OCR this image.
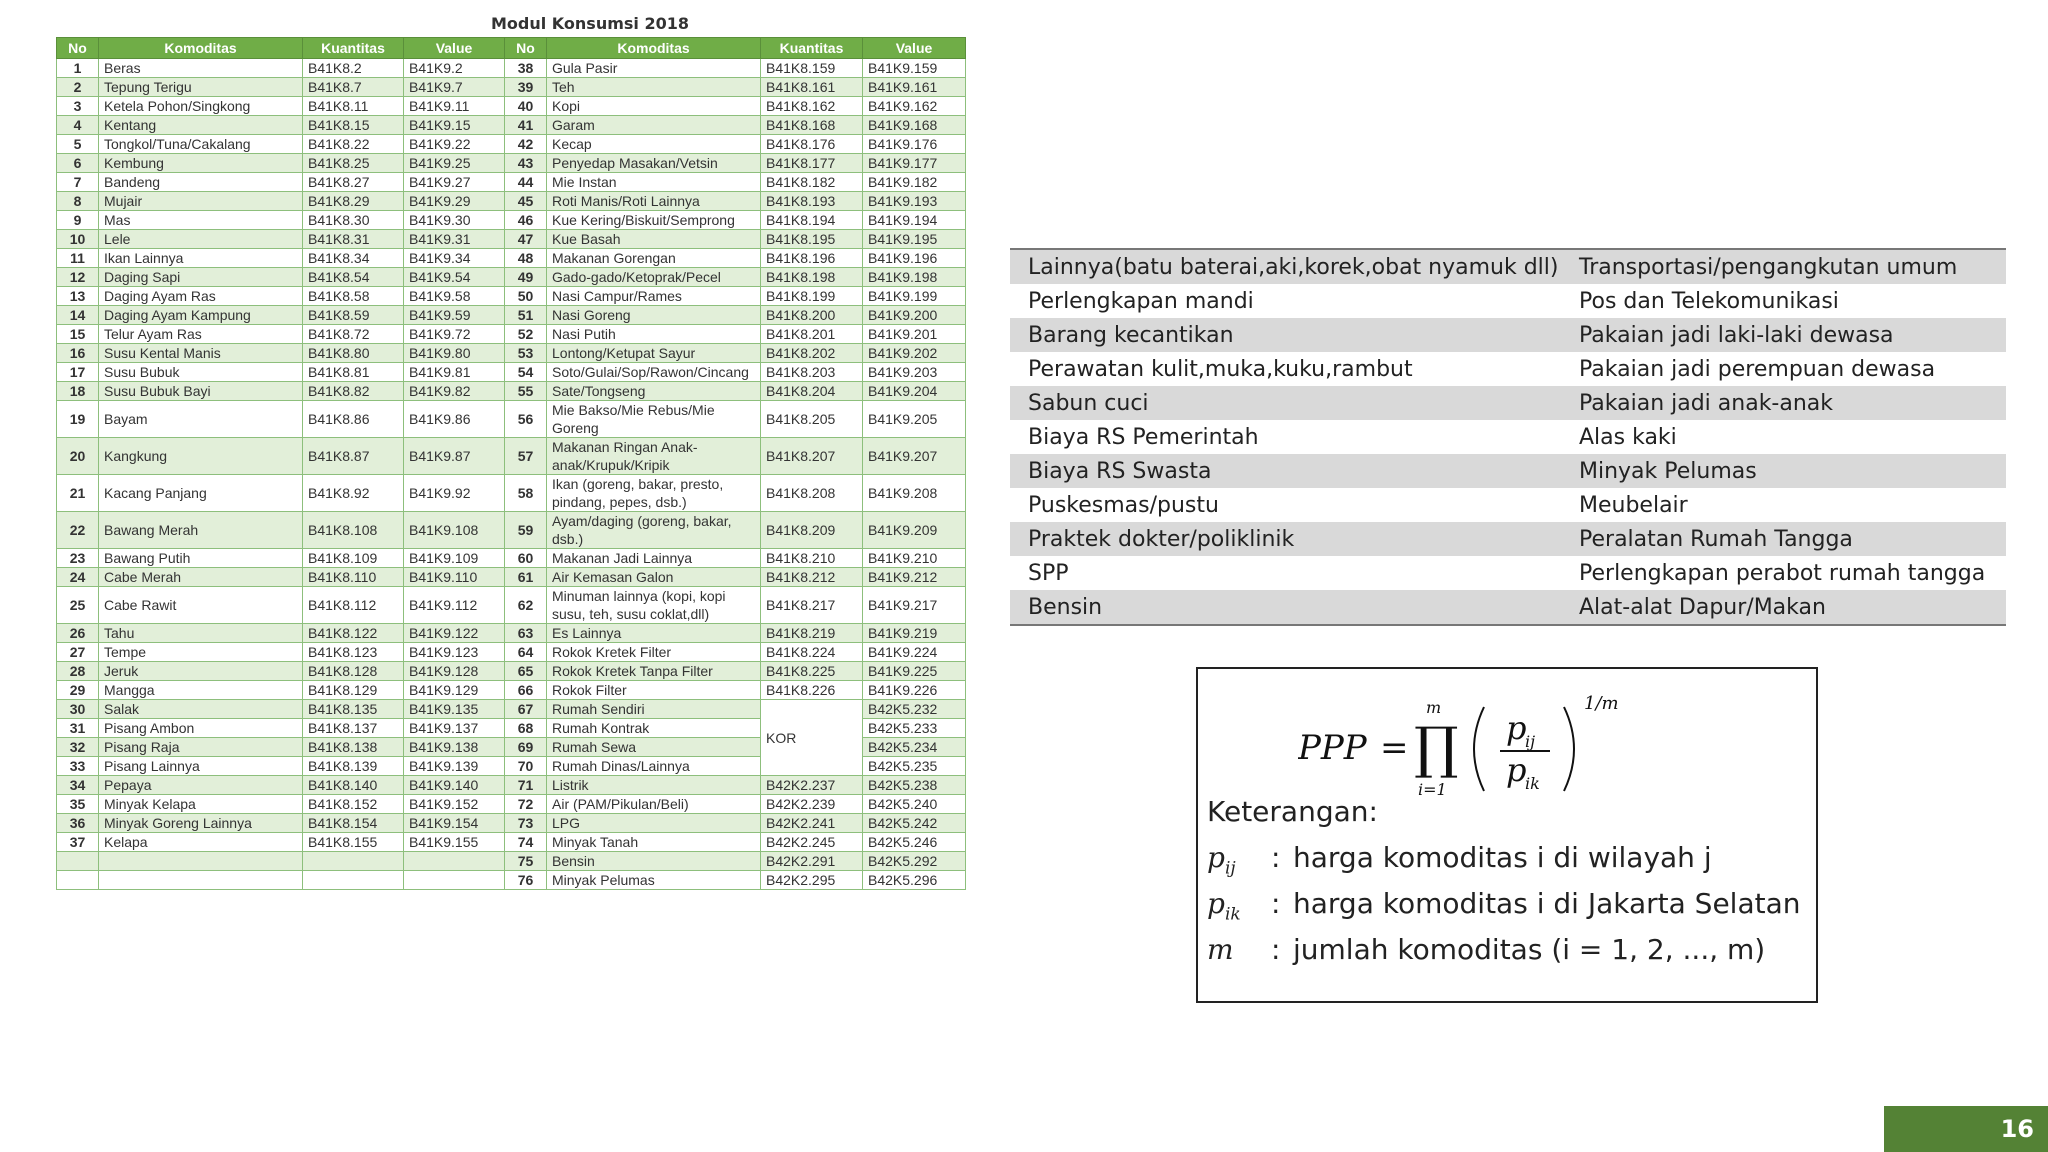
Modul Konsumsi 2018
No	Komoditas	Kuantitas	Value	No	Komoditas	Kuantitas	Value
1	Beras	B41K8.2	B41K9.2	38	Gula Pasir	B41K8.159	B41K9.159
2	Tepung Terigu	B41K8.7	B41K9.7	39	Teh	B41K8.161	B41K9.161
3	Ketela Pohon/Singkong	B41K8.11	B41K9.11	40	Kopi	B41K8.162	B41K9.162
4	Kentang	B41K8.15	B41K9.15	41	Garam	B41K8.168	B41K9.168
5	Tongkol/Tuna/Cakalang	B41K8.22	B41K9.22	42	Kecap	B41K8.176	B41K9.176
6	Kembung	B41K8.25	B41K9.25	43	Penyedap Masakan/Vetsin	B41K8.177	B41K9.177
7	Bandeng	B41K8.27	B41K9.27	44	Mie Instan	B41K8.182	B41K9.182
8	Mujair	B41K8.29	B41K9.29	45	Roti Manis/Roti Lainnya	B41K8.193	B41K9.193
9	Mas	B41K8.30	B41K9.30	46	Kue Kering/Biskuit/Semprong	B41K8.194	B41K9.194
10	Lele	B41K8.31	B41K9.31	47	Kue Basah	B41K8.195	B41K9.195
11	Ikan Lainnya	B41K8.34	B41K9.34	48	Makanan Gorengan	B41K8.196	B41K9.196
12	Daging Sapi	B41K8.54	B41K9.54	49	Gado-gado/Ketoprak/Pecel	B41K8.198	B41K9.198
13	Daging Ayam Ras	B41K8.58	B41K9.58	50	Nasi Campur/Rames	B41K8.199	B41K9.199
14	Daging Ayam Kampung	B41K8.59	B41K9.59	51	Nasi Goreng	B41K8.200	B41K9.200
15	Telur Ayam Ras	B41K8.72	B41K9.72	52	Nasi Putih	B41K8.201	B41K9.201
16	Susu Kental Manis	B41K8.80	B41K9.80	53	Lontong/Ketupat Sayur	B41K8.202	B41K9.202
17	Susu Bubuk	B41K8.81	B41K9.81	54	Soto/Gulai/Sop/Rawon/Cincang	B41K8.203	B41K9.203
18	Susu Bubuk Bayi	B41K8.82	B41K9.82	55	Sate/Tongseng	B41K8.204	B41K9.204
19	Bayam	B41K8.86	B41K9.86	56	Mie Bakso/Mie Rebus/Mie Goreng	B41K8.205	B41K9.205
20	Kangkung	B41K8.87	B41K9.87	57	Makanan Ringan Anak-anak/Krupuk/Kripik	B41K8.207	B41K9.207
21	Kacang Panjang	B41K8.92	B41K9.92	58	Ikan (goreng, bakar, presto, pindang, pepes, dsb.)	B41K8.208	B41K9.208
22	Bawang Merah	B41K8.108	B41K9.108	59	Ayam/daging (goreng, bakar, dsb.)	B41K8.209	B41K9.209
23	Bawang Putih	B41K8.109	B41K9.109	60	Makanan Jadi Lainnya	B41K8.210	B41K9.210
24	Cabe Merah	B41K8.110	B41K9.110	61	Air Kemasan Galon	B41K8.212	B41K9.212
25	Cabe Rawit	B41K8.112	B41K9.112	62	Minuman lainnya (kopi, kopi susu, teh, susu coklat,dll)	B41K8.217	B41K9.217
26	Tahu	B41K8.122	B41K9.122	63	Es Lainnya	B41K8.219	B41K9.219
27	Tempe	B41K8.123	B41K9.123	64	Rokok Kretek Filter	B41K8.224	B41K9.224
28	Jeruk	B41K8.128	B41K9.128	65	Rokok Kretek Tanpa Filter	B41K8.225	B41K9.225
29	Mangga	B41K8.129	B41K9.129	66	Rokok Filter	B41K8.226	B41K9.226
30	Salak	B41K8.135	B41K9.135	67	Rumah Sendiri	KOR	B42K5.232
31	Pisang Ambon	B41K8.137	B41K9.137	68	Rumah Kontrak		B42K5.233
32	Pisang Raja	B41K8.138	B41K9.138	69	Rumah Sewa		B42K5.234
33	Pisang Lainnya	B41K8.139	B41K9.139	70	Rumah Dinas/Lainnya		B42K5.235
34	Pepaya	B41K8.140	B41K9.140	71	Listrik	B42K2.237	B42K5.238
35	Minyak Kelapa	B41K8.152	B41K9.152	72	Air (PAM/Pikulan/Beli)	B42K2.239	B42K5.240
36	Minyak Goreng Lainnya	B41K8.154	B41K9.154	73	LPG	B42K2.241	B42K5.242
37	Kelapa	B41K8.155	B41K9.155	74	Minyak Tanah	B42K2.245	B42K5.246
				75	Bensin	B42K2.291	B42K5.292
				76	Minyak Pelumas	B42K2.295	B42K5.296
Lainnya(batu baterai,aki,korek,obat nyamuk dll)	Transportasi/pengangkutan umum
Perlengkapan mandi	Pos dan Telekomunikasi
Barang kecantikan	Pakaian jadi laki-laki dewasa
Perawatan kulit,muka,kuku,rambut	Pakaian jadi perempuan dewasa
Sabun cuci	Pakaian jadi anak-anak
Biaya RS Pemerintah	Alas kaki
Biaya RS Swasta	Minyak Pelumas
Puskesmas/pustu	Meubelair
Praktek dokter/poliklinik	Peralatan Rumah Tangga
SPP	Perlengkapan perabot rumah tangga
Bensin	Alat-alat Dapur/Makan
PPP = ∏
m
i=1
p
ij
p
ik
1/m
Keterangan:
$p_{ij}$ : harga komoditas i di wilayah j
$p_{ik}$ : harga komoditas i di Jakarta Selatan
m : jumlah komoditas (i = 1, 2, ..., m)
16
